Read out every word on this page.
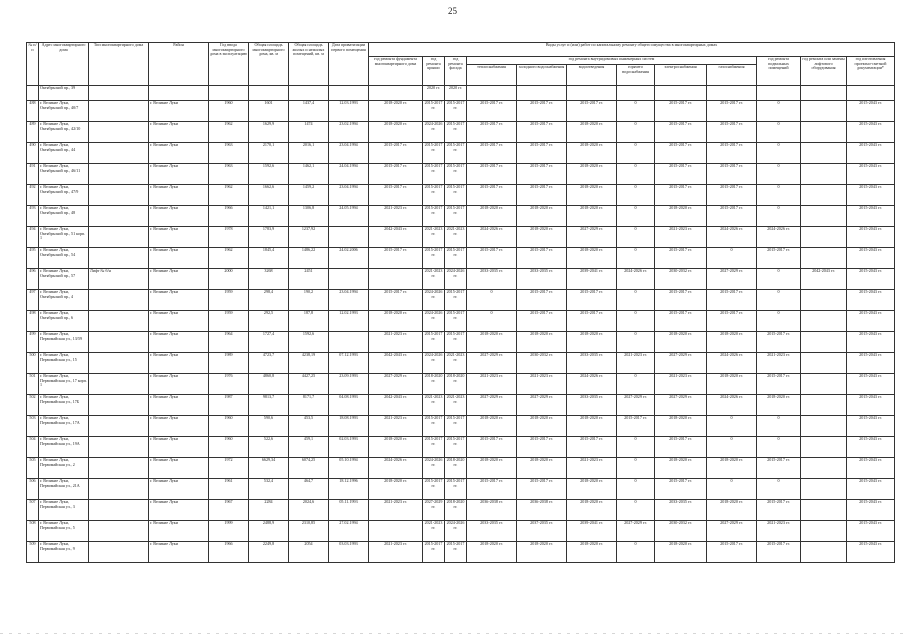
25
№ п/п	Адрес многоквартирного дома	Тип многоквартирного дома	Район	Год ввода многоквартирного дома в эксплуатацию	Общая площадь многоквартирного дома, кв. м	Общая площадь жилых и нежилых помещений, кв. м	Дата приватизации первого помещения	Виды услуг и (или) работ по капитальному ремонту общего имущества в многоквартирных домах											
								год ремонта фундамента многоквартирного дома	год ремонта крыши	год ремонта фасада	год ремонта внутридомовых инженерных систем						год ремонта подвальных помещений	год ремонта или замены лифтового оборудования	год изготовления проектно-сметной документации*
											теплоснабжения	холодного водоснабжения	водоотведения	горячего водоснабжения	электроснабжения	газоснабжения			
	Октябрьский пр., 39								2020 гг.	2020 гг.									
488	г. Великие Луки, Октябрьский пр., 40/7		г. Великие Луки	1960	1601	1437,4	12.03.1993	2018-2020 гг.	2015-2017 гг.	2015-2017 гг.	2015-2017 гг.	2015-2017 гг.	2015-2017 гг.	0	2015-2017 гг.	2015-2017 гг.	0		2015-2043 гг.
489	г. Великие Луки, Октябрьский пр., 42/10		г. Великие Луки	1962	1629,9	1474	23.02.1994	2018-2020 гг.	2024-2026 гг.	2015-2017 гг.	2015-2017 гг.	2015-2017 гг.	2018-2020 гг.	0	2015-2017 гг.	2015-2017 гг.	0		2015-2043 гг.
490	г. Великие Луки, Октябрьский пр., 44		г. Великие Луки	1963	2170,1	2016,1	23.04.1994	2015-2017 гг.	2015-2017 гг.	2015-2017 гг.	2015-2017 гг.	2015-2017 гг.	2018-2020 гг.	0	2015-2017 гг.	2015-2017 гг.	0		2015-2043 гг.
491	г. Великие Луки, Октябрьский пр., 46/11		г. Великие Луки	1963	1592,6	1462,1	24.04.1994	2015-2017 гг.	2015-2017 гг.	2015-2017 гг.	2015-2017 гг.	2015-2017 гг.	2018-2020 гг.	0	2015-2017 гг.	2015-2017 гг.	0		2015-2043 гг.
492	г. Великие Луки, Октябрьский пр., 47/9		г. Великие Луки	1962	1662,6	1459,2	23.04.1994	2015-2017 гг.	2015-2017 гг.	2015-2017 гг.	2015-2017 гг.	2015-2017 гг.	2018-2020 гг.	0	2015-2017 гг.	2015-2017 гг.	0		2015-2043 гг.
493	г. Великие Луки, Октябрьский пр., 48		г. Великие Луки	1966	1421,1	1306,8	24.05.1994	2021-2023 гг.	2015-2017 гг.	2015-2017 гг.	2018-2020 гг.	2018-2020 гг.	2018-2020 гг.	0	2018-2020 гг.	2015-2017 гг.	0		2015-2043 гг.
494	г. Великие Луки, Октябрьский пр., 51 корп. 1		г. Великие Луки	1978	1783,9	1237,92		2042-2043 гг.	2021-2023 гг.	2021-2023 гг.	2024-2026 гг.	2018-2020 гг.	2027-2029 гг.	0	2021-2023 гг.	2024-2026 гг.	2024-2026 гг.		2015-2043 гг.
495	г. Великие Луки, Октябрьский пр., 54		г. Великие Луки	1962	1845,4	1486,22	24.02.2006	2015-2017 гг.	2015-2017 гг.	2015-2017 гг.	2015-2017 гг.	2015-2017 гг.	2018-2020 гг.	0	2015-2017 гг.	0	2015-2017 гг.		2015-2043 гг.
496	г. Великие Луки, Октябрьский пр., 57	Лифт № б/н	г. Великие Луки	2000	3268	2451			2021-2023 гг.	2024-2026 гг.	2033-2035 гг.	2033-2035 гг.	2039-2041 гг.	2024-2026 гг.	2030-2032 гг.	2027-2029 гг.	0	2042-2043 гг.	2015-2043 гг.
497	г. Великие Луки, Октябрьский пр., 4		г. Великие Луки	1959	298,4	190,2	23.04.1994	2015-2017 гг.	2024-2026 гг.	2015-2017 гг.	0	2015-2017 гг.	2015-2017 гг.	0	2015-2017 гг.	2015-2017 гг.	0		2015-2043 гг.
498	г. Великие Луки, Октябрьский пр., 6		г. Великие Луки	1959	292,5	187,8	12.02.1993	2018-2020 гг.	2024-2026 гг.	2015-2017 гг.	0	2015-2017 гг.	2015-2017 гг.	0	2015-2017 гг.	2015-2017 гг.	0		2015-2043 гг.
499	г. Великие Луки, Первомайская ул., 13/59		г. Великие Луки	1964	1727,4	1592,6		2021-2023 гг.	2015-2017 гг.	2015-2017 гг.	2018-2020 гг.	2018-2020 гг.	2018-2020 гг.	0	2018-2020 гг.	2018-2020 гг.	2015-2017 гг.		2015-2043 гг.
500	г. Великие Луки, Первомайская ул., 15		г. Великие Луки	1989	4723,7	4238,19	07.12.1993	2042-2043 гг.	2024-2026 гг.	2021-2023 гг.	2027-2029 гг.	2030-2032 гг.	2033-2035 гг.	2021-2023 гг.	2027-2029 гг.	2024-2026 гг.	2021-2023 гг.		2015-2043 гг.
501	г. Великие Луки, Первомайская ул., 17 корп. 1		г. Великие Луки	1976	4860,8	4427,25	23.09.1993	2027-2029 гг.	2018-2020 гг.	2018-2020 гг.	2021-2023 гг.	2021-2023 гг.	2024-2026 гг.	0	2021-2023 гг.	2018-2020 гг.	2015-2017 гг.		2015-2043 гг.
502	г. Великие Луки, Первомайская ул., 17Б		г. Великие Луки	1987	9813,7	8171,7	04.08.1993	2042-2043 гг.	2021-2023 гг.	2021-2023 гг.	2027-2029 гг.	2027-2029 гг.	2033-2035 гг.	2027-2029 гг.	2027-2029 гг.	2024-2026 гг.	2018-2020 гг.		2015-2043 гг.
503	г. Великие Луки, Первомайская ул., 17А		г. Великие Луки	1960	590,6	453,5	18.08.1993	2021-2023 гг.	2015-2017 гг.	2015-2017 гг.	2018-2020 гг.	2018-2020 гг.	2018-2020 гг.	2015-2017 гг.	2018-2020 гг.	0	0		2015-2043 гг.
504	г. Великие Луки, Первомайская ул., 19А		г. Великие Луки	1960	522,6	459,1	02.03.1993	2018-2020 гг.	2015-2017 гг.	2015-2017 гг.	2015-2017 гг.	2015-2017 гг.	2015-2017 гг.	0	2015-2017 гг.	0	0		2015-2043 гг.
505	г. Великие Луки, Первомайская ул., 2		г. Великие Луки	1972	6629,34	6074,25	05.10.1994	2024-2026 гг.	2024-2026 гг.	2018-2020 гг.	2018-2020 гг.	2018-2020 гг.	2021-2023 гг.	0	2018-2020 гг.	2018-2020 гг.	2015-2017 гг.		2015-2043 гг.
506	г. Великие Луки, Первомайская ул., 21А		г. Великие Луки	1961	532,4	464,7	18.12.1996	2018-2020 гг.	2015-2017 гг.	2015-2017 гг.	2015-2017 гг.	2015-2017 гг.	2018-2020 гг.	0	2015-2017 гг.	0	0		2015-2043 гг.
507	г. Великие Луки, Первомайская ул., 3		г. Великие Луки	1967	2284	2024,6	05.11.1993	2021-2023 гг.	2027-2029 гг.	2018-2020 гг.	2036-2038 гг.	2036-2038 гг.	2018-2020 гг.	0	2033-2035 гг.	2018-2020 гг.	2015-2017 гг.		2015-2043 гг.
508	г. Великие Луки, Первомайская ул., 5		г. Великие Луки	1999	2488,9	2310,85	27.02.1994		2021-2023 гг.	2024-2026 гг.	2033-2035 гг.	2037-2035 гг.	2039-2041 гг.	2027-2029 гг.	2030-2032 гг.	2027-2029 гг.	2021-2023 гг.		2015-2043 гг.
509	г. Великие Луки, Первомайская ул., 9		г. Великие Луки	1966	2249,8	2054	03.03.1993	2021-2023 гг.	2015-2017 гг.	2015-2017 гг.	2018-2020 гг.	2018-2020 гг.	2018-2020 гг.	0	2018-2020 гг.	2015-2017 гг.	2015-2017 гг.		2015-2043 гг.
